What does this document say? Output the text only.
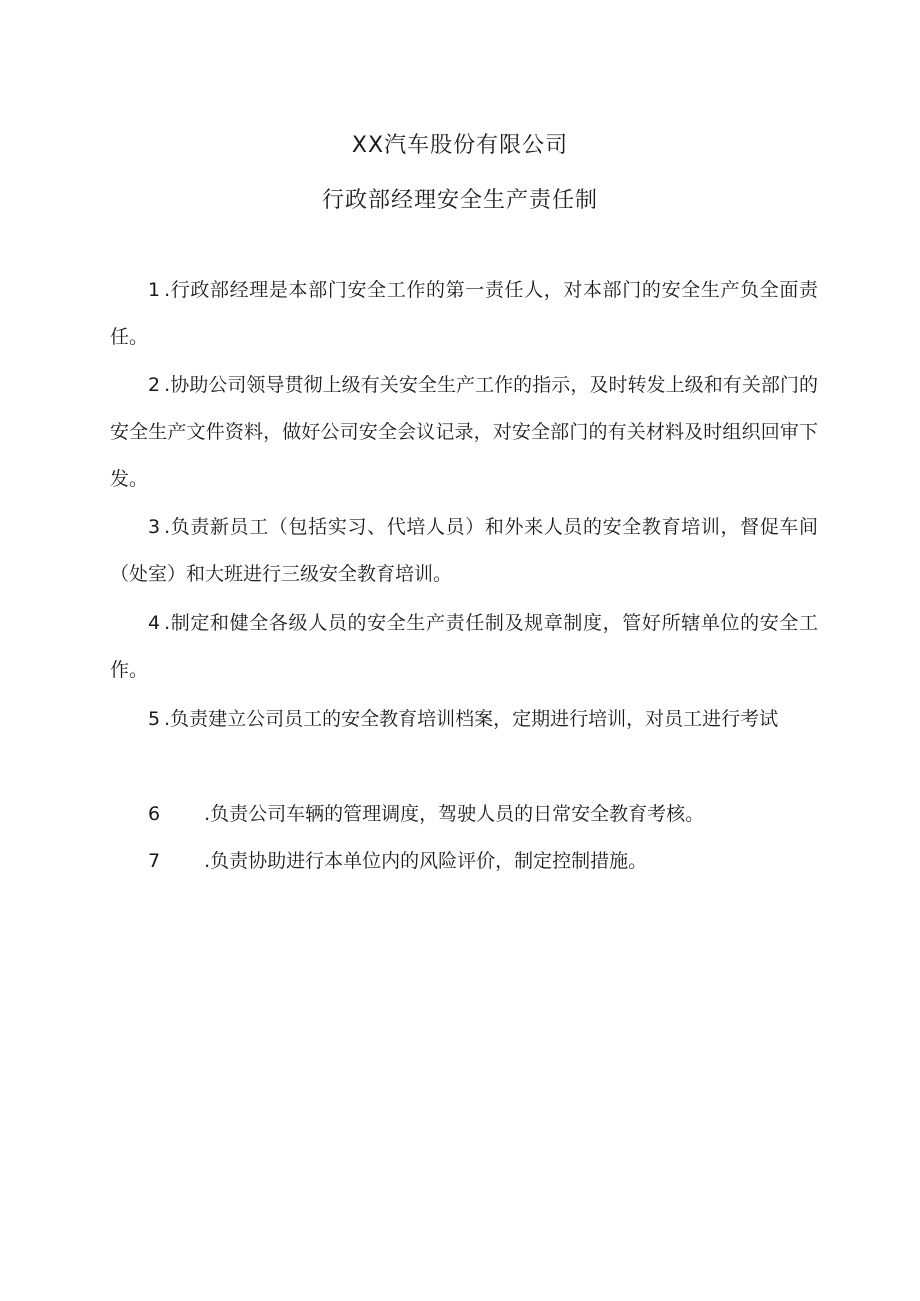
XX汽车股份有限公司
行政部经理安全生产责任制
1 .行政部经理是本部门安全工作的第一责任人，对本部门的安全生产负全面责任。
2 .协助公司领导贯彻上级有关安全生产工作的指示，及时转发上级和有关部门的安全生产文件资料，做好公司安全会议记录，对安全部门的有关材料及时组织回审下发。
3 .负责新员工（包括实习、代培人员）和外来人员的安全教育培训，督促车间（处室）和大班进行三级安全教育培训。
4 .制定和健全各级人员的安全生产责任制及规章制度，管好所辖单位的安全工作。
5 .负责建立公司员工的安全教育培训档案，定期进行培训，对员工进行考试
6 .负责公司车辆的管理调度，驾驶人员的日常安全教育考核。
7 .负责协助进行本单位内的风险评价，制定控制措施。
